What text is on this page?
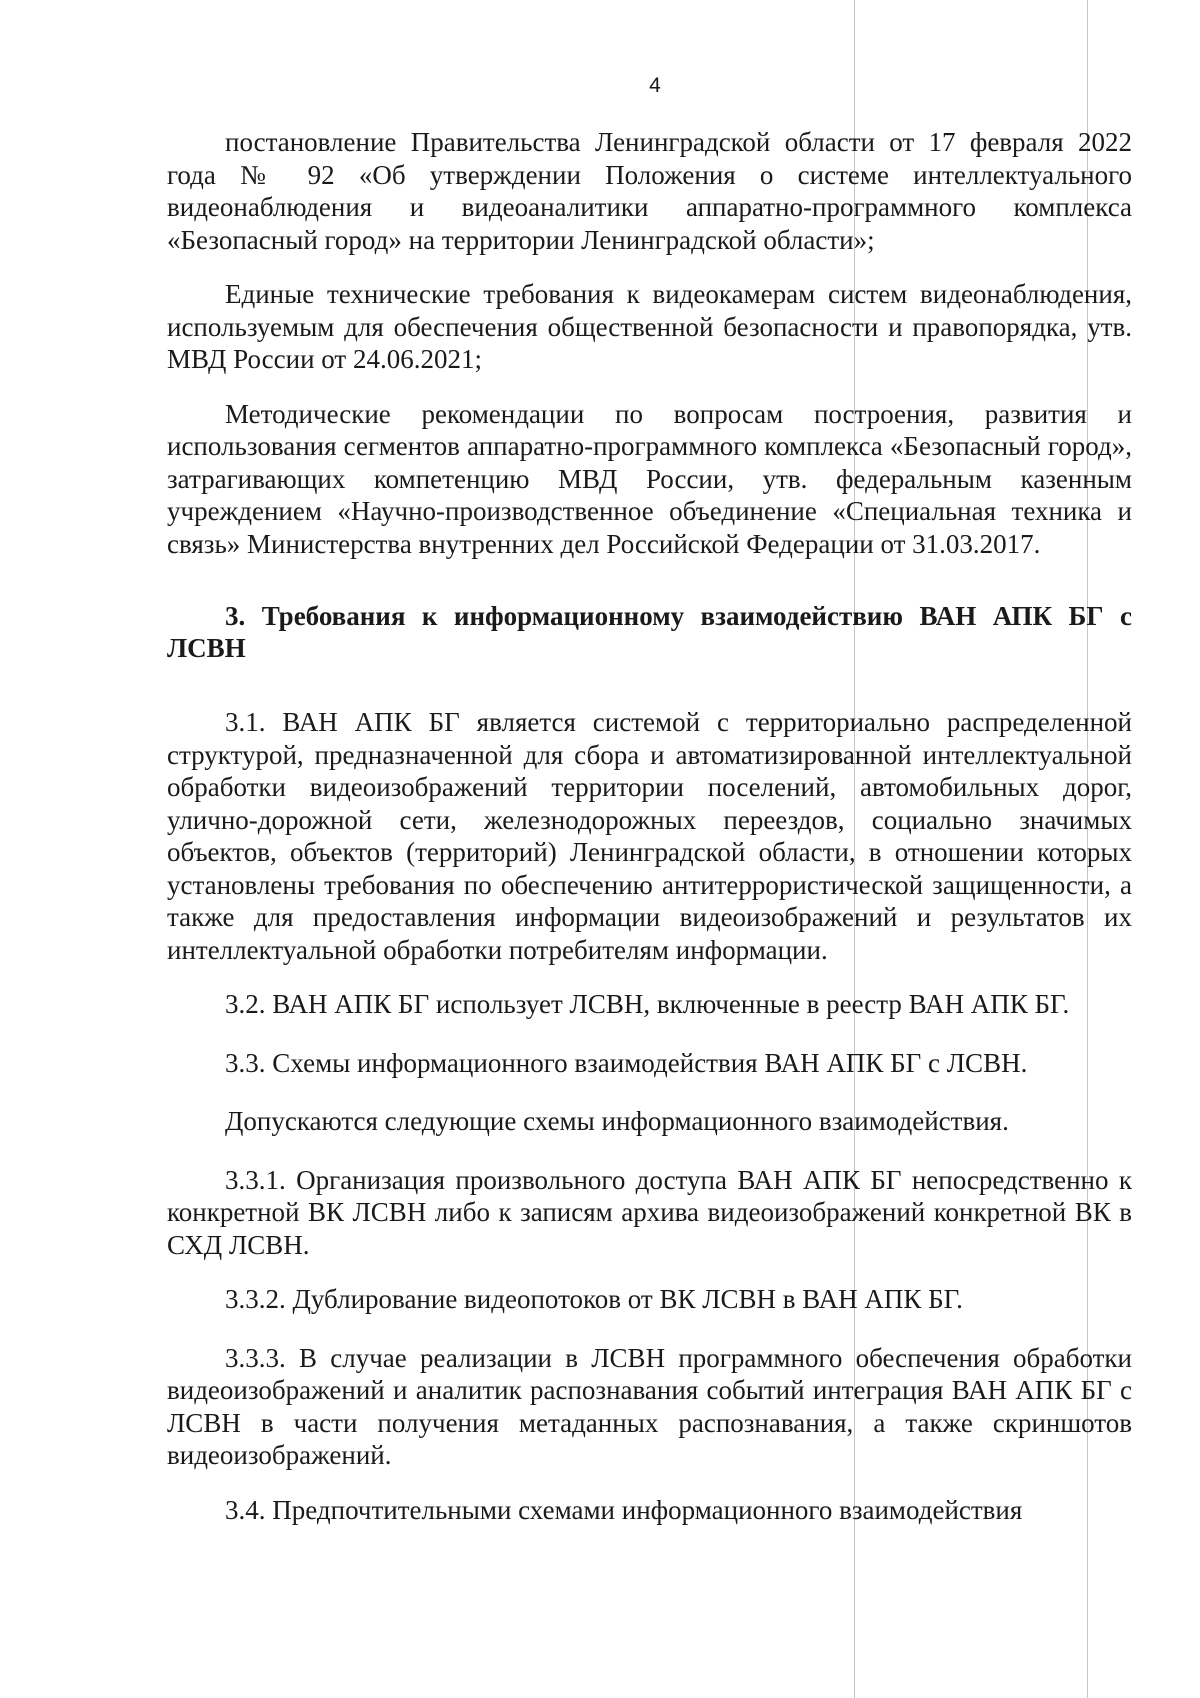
4

постановление Правительства Ленинградской области от 17 февраля 2022 года № 92 «Об утверждении Положения о системе интеллектуального видеонаблюдения и видеоаналитики аппаратно-программного комплекса «Безопасный город» на территории Ленинградской области»;

Единые технические требования к видеокамерам систем видеонаблюдения, используемым для обеспечения общественной безопасности и правопорядка, утв. МВД России от 24.06.2021;

Методические рекомендации по вопросам построения, развития и использования сегментов аппаратно-программного комплекса «Безопасный город», затрагивающих компетенцию МВД России, утв. федеральным казенным учреждением «Научно-производственное объединение «Специальная техника и связь» Министерства внутренних дел Российской Федерации от 31.03.2017.

3. Требования к информационному взаимодействию ВАН АПК БГ с ЛСВН

3.1. ВАН АПК БГ является системой с территориально распределенной структурой, предназначенной для сбора и автоматизированной интеллектуальной обработки видеоизображений территории поселений, автомобильных дорог, улично-дорожной сети, железнодорожных переездов, социально значимых объектов, объектов (территорий) Ленинградской области, в отношении которых установлены требования по обеспечению антитеррористической защищенности, а также для предоставления информации видеоизображений и результатов их интеллектуальной обработки потребителям информации.

3.2. ВАН АПК БГ использует ЛСВН, включенные в реестр ВАН АПК БГ.

3.3. Схемы информационного взаимодействия ВАН АПК БГ с ЛСВН.

Допускаются следующие схемы информационного взаимодействия.

3.3.1. Организация произвольного доступа ВАН АПК БГ непосредственно к конкретной ВК ЛСВН либо к записям архива видеоизображений конкретной ВК в СХД ЛСВН.

3.3.2. Дублирование видеопотоков от ВК ЛСВН в ВАН АПК БГ.

3.3.3. В случае реализации в ЛСВН программного обеспечения обработки видеоизображений и аналитик распознавания событий интеграция ВАН АПК БГ с ЛСВН в части получения метаданных распознавания, а также скриншотов видеоизображений.

3.4. Предпочтительными схемами информационного взаимодействия
